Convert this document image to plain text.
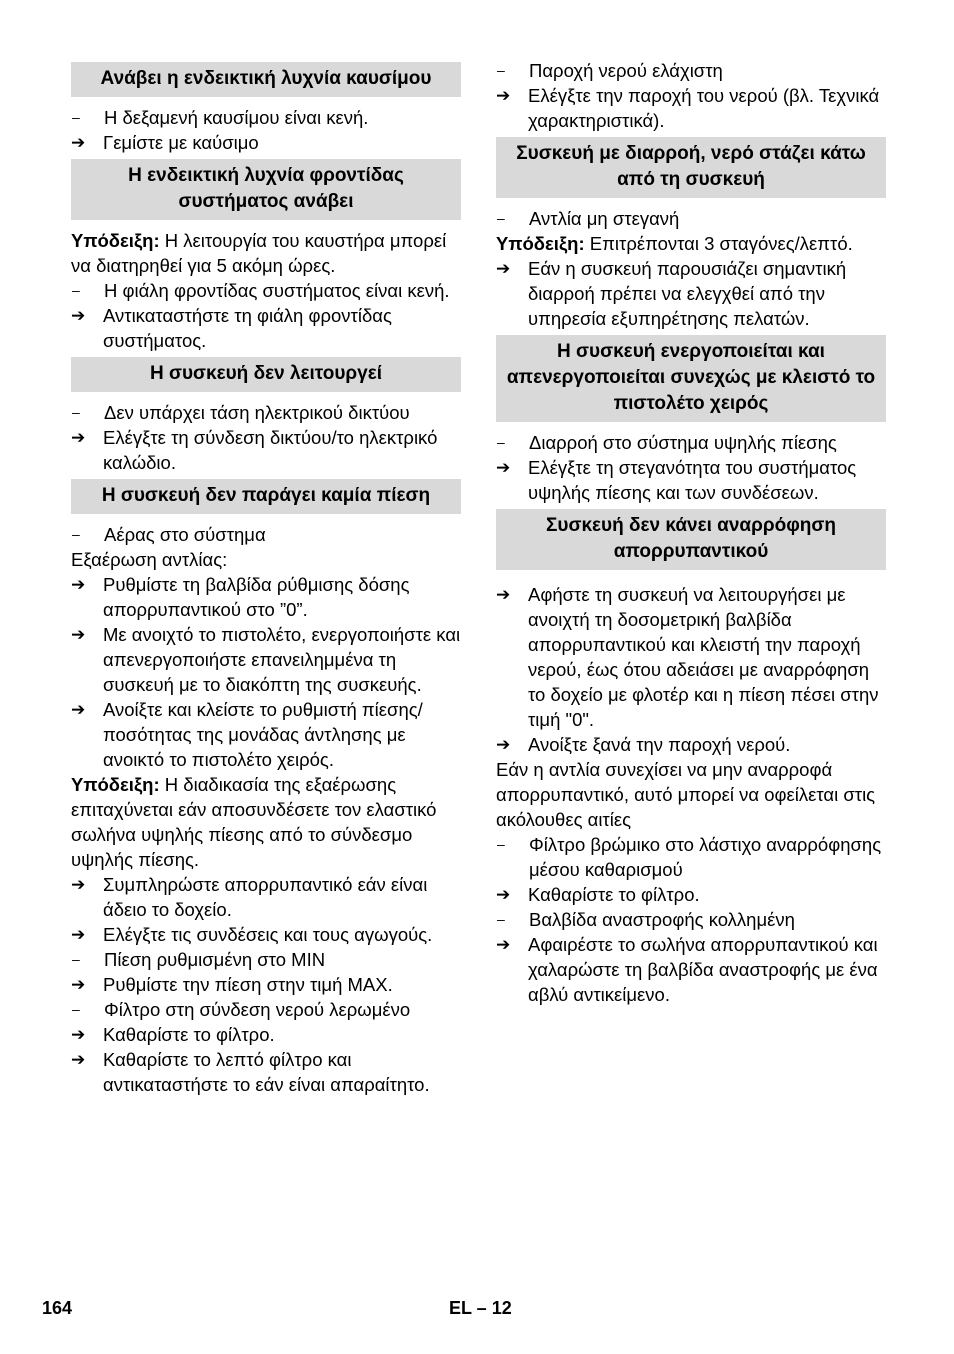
Ανάβει η ενδεικτική λυχνία καυσίμου
–	Η δεξαμενή καυσίμου είναι κενή.
➔ Γεμίστε με καύσιμο
Η ενδεικτική λυχνία φροντίδας συστήματος ανάβει
Υπόδειξη: Η λειτουργία του καυστήρα μπορεί να διατηρηθεί για 5 ακόμη ώρες.
–	Η φιάλη φροντίδας συστήματος είναι κενή.
➔ Αντικαταστήστε τη φιάλη φροντίδας συστήματος.
Η συσκευή δεν λειτουργεί
–	Δεν υπάρχει τάση ηλεκτρικού δικτύου
➔ Ελέγξτε τη σύνδεση δικτύου/το ηλεκτρικό καλώδιο.
Η συσκευή δεν παράγει καμία πίεση
–	Αέρας στο σύστημα
Εξαέρωση αντλίας:
➔ Ρυθμίστε τη βαλβίδα ρύθμισης δόσης απορρυπαντικού στο ”0”.
➔ Με ανοιχτό το πιστολέτο, ενεργοποιήστε και απενεργοποιήστε επανειλημμένα τη συσκευή με το διακόπτη της συσκευής.
➔ Ανοίξτε και κλείστε το ρυθμιστή πίεσης/ποσότητας της μονάδας άντλησης με ανοικτό το πιστολέτο χειρός.
Υπόδειξη: Η διαδικασία της εξαέρωσης επιταχύνεται εάν αποσυνδέσετε τον ελαστικό σωλήνα υψηλής πίεσης από το σύνδεσμο υψηλής πίεσης.
➔ Συμπληρώστε απορρυπαντικό εάν είναι άδειο το δοχείο.
➔ Ελέγξτε τις συνδέσεις και τους αγωγούς.
–	Πίεση ρυθμισμένη στο MIN
➔ Ρυθμίστε την πίεση στην τιμή MAX.
–	Φίλτρο στη σύνδεση νερού λερωμένο
➔ Καθαρίστε το φίλτρο.
➔ Καθαρίστε το λεπτό φίλτρο και αντικαταστήστε το εάν είναι απαραίτητο.
–	Παροχή νερού ελάχιστη
➔ Ελέγξτε την παροχή του νερού (βλ. Τεχνικά χαρακτηριστικά).
Συσκευή με διαρροή, νερό στάζει κάτω από τη συσκευή
–	Αντλία μη στεγανή
Υπόδειξη: Επιτρέπονται 3 σταγόνες/λεπτό.
➔ Εάν η συσκευή παρουσιάζει σημαντική διαρροή πρέπει να ελεγχθεί από την υπηρεσία εξυπηρέτησης πελατών.
Η συσκευή ενεργοποιείται και απενεργοποιείται συνεχώς με κλειστό το πιστολέτο χειρός
–	Διαρροή στο σύστημα υψηλής πίεσης
➔ Ελέγξτε τη στεγανότητα του συστήματος υψηλής πίεσης και των συνδέσεων.
Συσκευή δεν κάνει αναρρόφηση απορρυπαντικού
➔ Αφήστε τη συσκευή να λειτουργήσει με ανοιχτή τη δοσομετρική βαλβίδα απορρυπαντικού και κλειστή την παροχή νερού, έως ότου αδειάσει με αναρρόφηση το δοχείο με φλοτέρ και η πίεση πέσει στην τιμή "0".
➔ Ανοίξτε ξανά την παροχή νερού.
Εάν η αντλία συνεχίσει να μην αναρροφά απορρυπαντικό, αυτό μπορεί να οφείλεται στις ακόλουθες αιτίες
–	Φίλτρο βρώμικο στο λάστιχο αναρρόφησης μέσου καθαρισμού
➔ Καθαρίστε το φίλτρο.
–	Βαλβίδα αναστροφής κολλημένη
➔ Αφαιρέστε το σωλήνα απορρυπαντικού και χαλαρώστε τη βαλβίδα αναστροφής με ένα αβλύ αντικείμενο.
164	EL – 12
